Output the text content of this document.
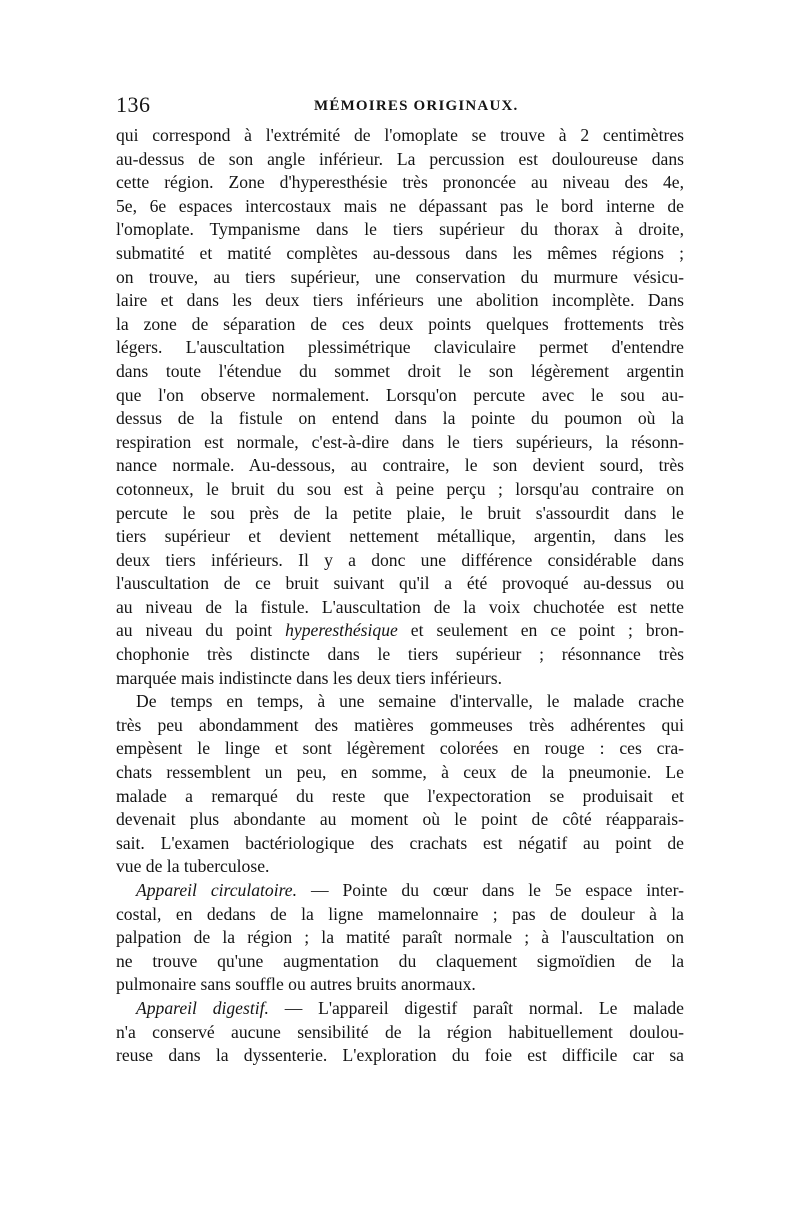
136	MÉMOIRES ORIGINAUX.
qui correspond à l'extrémité de l'omoplate se trouve à 2 centimètres
au-dessus de son angle inférieur. La percussion est douloureuse dans
cette région. Zone d'hyperesthésie très prononcée au niveau des 4e,
5e, 6e espaces intercostaux mais ne dépassant pas le bord interne de
l'omoplate. Tympanisme dans le tiers supérieur du thorax à droite,
submatité et matité complètes au-dessous dans les mêmes régions ;
on trouve, au tiers supérieur, une conservation du murmure vésicu-
laire et dans les deux tiers inférieurs une abolition incomplète. Dans
la zone de séparation de ces deux points quelques frottements très
légers. L'auscultation plessimétrique claviculaire permet d'entendre
dans toute l'étendue du sommet droit le son légèrement argentin
que l'on observe normalement. Lorsqu'on percute avec le sou au-
dessus de la fistule on entend dans la pointe du poumon où la
respiration est normale, c'est-à-dire dans le tiers supérieurs, la résonn-
nance normale. Au-dessous, au contraire, le son devient sourd, très
cotonneux, le bruit du sou est à peine perçu ; lorsqu'au contraire on
percute le sou près de la petite plaie, le bruit s'assourdit dans le
tiers supérieur et devient nettement métallique, argentin, dans les
deux tiers inférieurs. Il y a donc une différence considérable dans
l'auscultation de ce bruit suivant qu'il a été provoqué au-dessus ou
au niveau de la fistule. L'auscultation de la voix chuchotée est nette
au niveau du point hyperesthésique et seulement en ce point ; bron-
chophonie très distincte dans le tiers supérieur ; résonnance très
marquée mais indistincte dans les deux tiers inférieurs.
De temps en temps, à une semaine d'intervalle, le malade crache
très peu abondamment des matières gommeuses très adhérentes qui
empèsent le linge et sont légèrement colorées en rouge : ces cra-
chats ressemblent un peu, en somme, à ceux de la pneumonie. Le
malade a remarqué du reste que l'expectoration se produisait et
devenait plus abondante au moment où le point de côté réapparais-
sait. L'examen bactériologique des crachats est négatif au point de
vue de la tuberculose.
Appareil circulatoire. — Pointe du cœur dans le 5e espace inter-
costal, en dedans de la ligne mamelonnaire ; pas de douleur à la
palpation de la région ; la matité paraît normale ; à l'auscultation on
ne trouve qu'une augmentation du claquement sigmoïdien de la
pulmonaire sans souffle ou autres bruits anormaux.
Appareil digestif. — L'appareil digestif paraît normal. Le malade
n'a conservé aucune sensibilité de la région habituellement doulou-
reuse dans la dyssenterie. L'exploration du foie est difficile car sa
